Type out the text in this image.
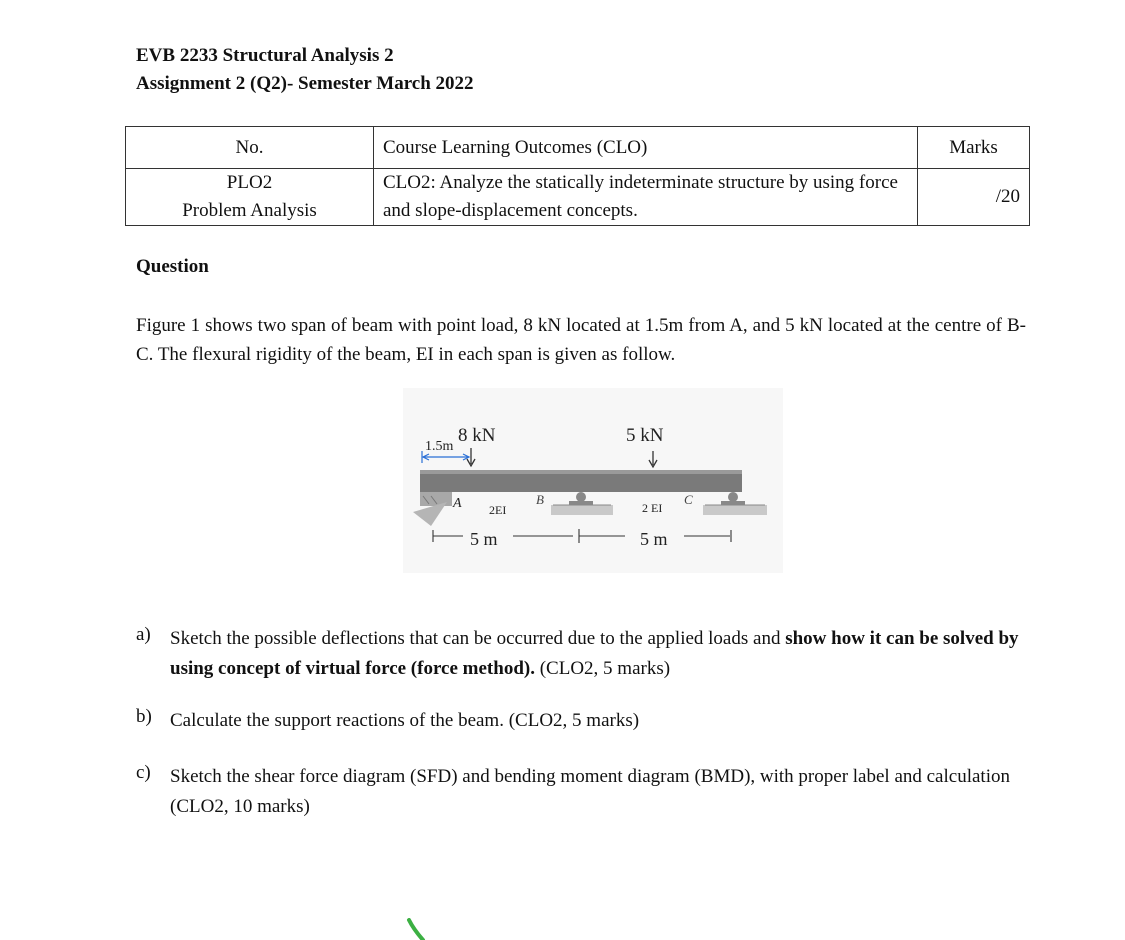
EVB 2233 Structural Analysis 2
Assignment 2 (Q2)- Semester March 2022
No.	Course Learning Outcomes (CLO)	Marks

PLO2
Problem Analysis	CLO2: Analyze the statically indeterminate structure by using force and slope-displacement concepts.	/20
Question
Figure 1 shows two span of beam with point load, 8 kN located at 1.5m from A, and 5 kN located at the centre of B-C. The flexural rigidity of the beam, EI in each span is given as follow.
8 kN	5 kN
1.5m
A	B	C
2EI	2 EI
5 m	5 m
a) Sketch the possible deflections that can be occurred due to the applied loads and show how it can be solved by using concept of virtual force (force method). (CLO2, 5 marks)
b) Calculate the support reactions of the beam. (CLO2, 5 marks)
c) Sketch the shear force diagram (SFD) and bending moment diagram (BMD), with proper label and calculation (CLO2, 10 marks)
